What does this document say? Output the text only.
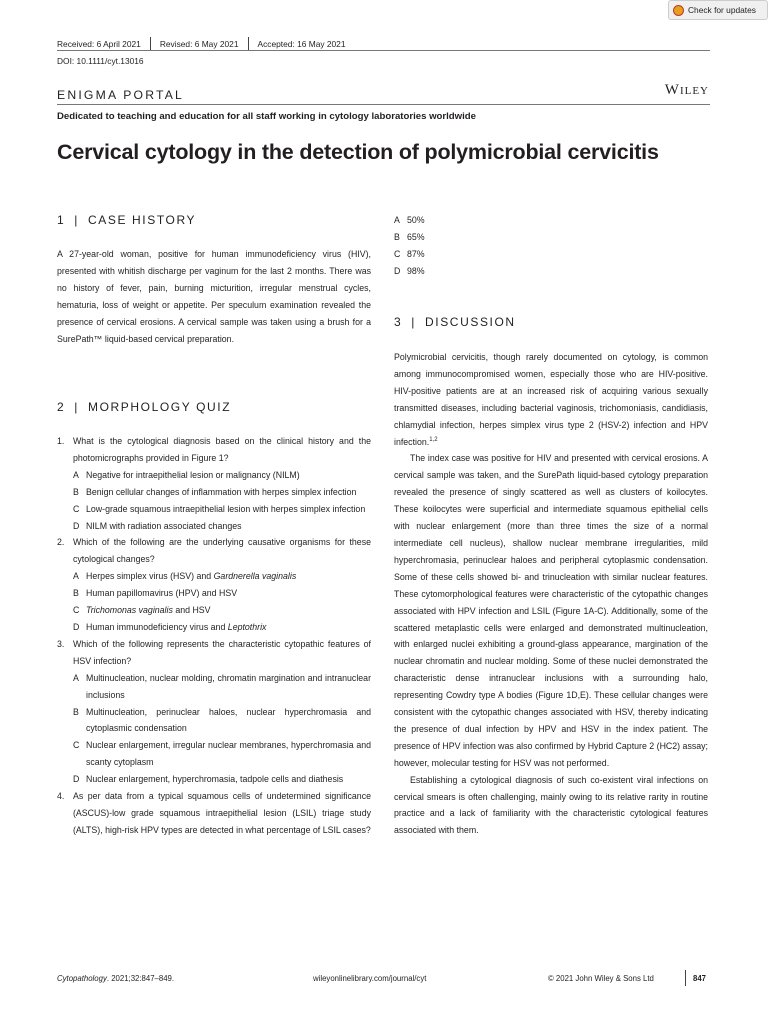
Check for updates
Received: 6 April 2021 Revised: 6 May 2021 Accepted: 16 May 2021
DOI: 10.1111/cyt.13016
ENIGMA PORTAL	Wiley
Dedicated to teaching and education for all staff working in cytology laboratories worldwide
Cervical cytology in the detection of polymicrobial cervicitis
1 | CASE HISTORY

A 27-year-old woman, positive for human immunodeficiency virus (HIV), presented with whitish discharge per vaginum for the last 2 months. There was no history of fever, pain, burning micturition, irregular menstrual cycles, hematuria, loss of weight or appetite. Per speculum examination revealed the presence of cervical erosions. A cervical sample was taken using a brush for a SurePath™ liquid-based cervical preparation.

2 | MORPHOLOGY QUIZ
1. What is the cytological diagnosis based on the clinical history and the photomicrographs provided in Figure 1?
A Negative for intraepithelial lesion or malignancy (NILM)
B Benign cellular changes of inflammation with herpes simplex infection
C Low-grade squamous intraepithelial lesion with herpes simplex infection
D NILM with radiation associated changes
2. Which of the following are the underlying causative organisms for these cytological changes?
A Herpes simplex virus (HSV) and Gardnerella vaginalis
B Human papillomavirus (HPV) and HSV
C Trichomonas vaginalis and HSV
D Human immunodeficiency virus and Leptothrix
3. Which of the following represents the characteristic cytopathic features of HSV infection?
A Multinucleation, nuclear molding, chromatin margination and intranuclear inclusions
B Multinucleation, perinuclear haloes, nuclear hyperchromasia and cytoplasmic condensation
C Nuclear enlargement, irregular nuclear membranes, hyperchromasia and scanty cytoplasm
D Nuclear enlargement, hyperchromasia, tadpole cells and diathesis
4. As per data from a typical squamous cells of undetermined significance (ASCUS)-low grade squamous intraepithelial lesion (LSIL) triage study (ALTS), high-risk HPV types are detected in what percentage of LSIL cases?
A 50%
B 65%
C 87%
D 98%
3 | DISCUSSION

Polymicrobial cervicitis, though rarely documented on cytology, is common among immunocompromised women, especially those who are HIV-positive. HIV-positive patients are at an increased risk of acquiring various sexually transmitted diseases, including bacterial vaginosis, trichomoniasis, candidiasis, chlamydial infection, herpes simplex virus type 2 (HSV-2) infection and HPV infection.$^{1,2}$

The index case was positive for HIV and presented with cervical erosions. A cervical sample was taken, and the SurePath liquid-based cytology preparation revealed the presence of singly scattered as well as clusters of koilocytes. These koilocytes were superficial and intermediate squamous epithelial cells with nuclear enlargement (more than three times the size of a normal intermediate cell nucleus), shallow nuclear membrane irregularities, mild hyperchromasia, perinuclear haloes and peripheral cytoplasmic condensation. Some of these cells showed bi- and trinucleation with similar nuclear features. These cytomorphological features were characteristic of the cytopathic changes associated with HPV infection and LSIL (Figure 1A-C). Additionally, some of the scattered metaplastic cells were enlarged and demonstrated multinucleation, with enlarged nuclei exhibiting a ground-glass appearance, margination of the nuclear chromatin and nuclear molding. Some of these nuclei demonstrated the characteristic dense intranuclear inclusions with a surrounding halo, representing Cowdry type A bodies (Figure 1D,E). These cellular changes were consistent with the cytopathic changes associated with HSV, thereby indicating the presence of dual infection by HPV and HSV in the index patient. The presence of HPV infection was also confirmed by Hybrid Capture 2 (HC2) assay; however, molecular testing for HSV was not performed.

Establishing a cytological diagnosis of such co-existent viral infections on cervical smears is often challenging, mainly owing to its relative rarity in routine practice and a lack of familiarity with the characteristic cytological features associated with them.

Cytopathology. 2021;32:847–849.	wileyonlinelibrary.com/journal/cyt	© 2021 John Wiley & Sons Ltd	847
